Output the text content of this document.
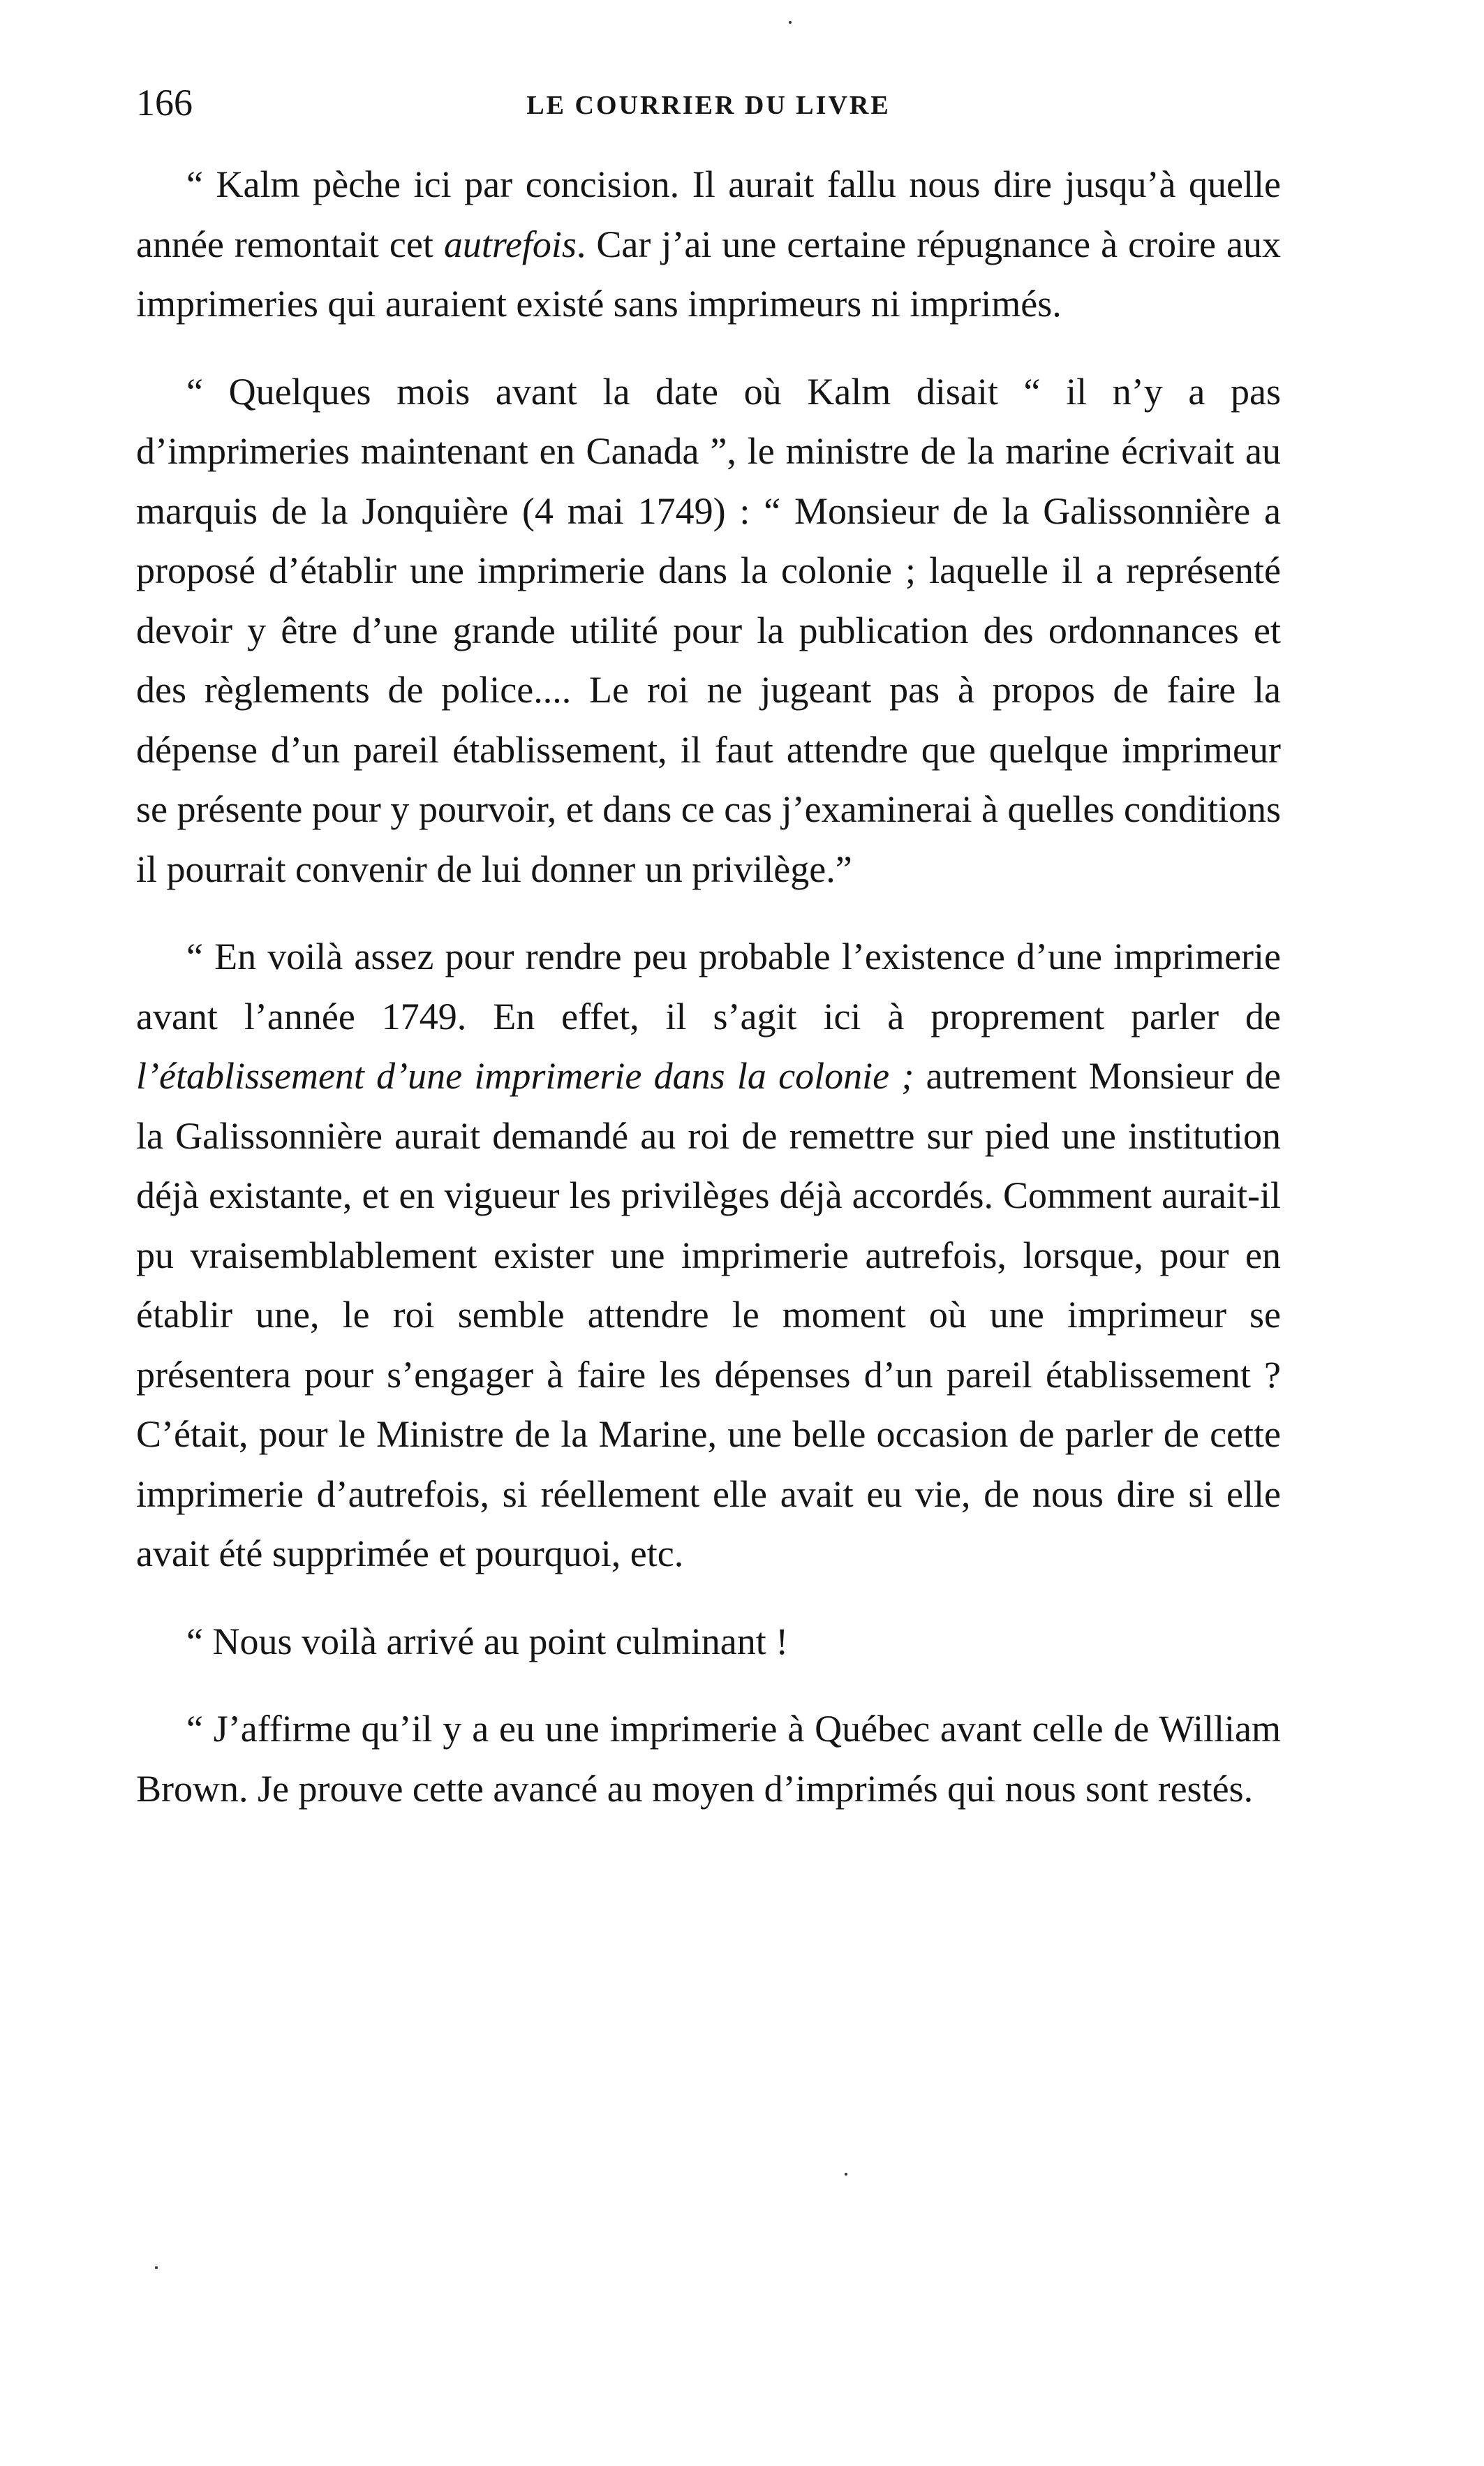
166	LE COURRIER DU LIVRE

“ Kalm pèche ici par concision. Il aurait fallu nous dire jusqu’à quelle année remontait cet autrefois. Car j’ai une certaine répugnance à croire aux imprimeries qui auraient existé sans imprimeurs ni imprimés.

“ Quelques mois avant la date où Kalm disait “ il n’y a pas d’imprimeries maintenant en Canada ”, le ministre de la marine écrivait au marquis de la Jonquière (4 mai 1749) : “ Monsieur de la Galissonnière a proposé d’établir une imprimerie dans la colonie ; laquelle il a représenté devoir y être d’une grande utilité pour la publication des ordonnances et des règlements de police.... Le roi ne jugeant pas à propos de faire la dépense d’un pareil établissement, il faut attendre que quelque imprimeur se présente pour y pourvoir, et dans ce cas j’examinerai à quelles conditions il pourrait convenir de lui donner un privilège.”

“ En voilà assez pour rendre peu probable l’existence d’une imprimerie avant l’année 1749. En effet, il s’agit ici à proprement parler de l’établissement d’une imprimerie dans la colonie ; autrement Monsieur de la Galissonnière aurait demandé au roi de remettre sur pied une institution déjà existante, et en vigueur les privilèges déjà accordés. Comment aurait-il pu vraisemblablement exister une imprimerie autrefois, lorsque, pour en établir une, le roi semble attendre le moment où une imprimeur se présentera pour s’engager à faire les dépenses d’un pareil établissement ? C’était, pour le Ministre de la Marine, une belle occasion de parler de cette imprimerie d’autrefois, si réellement elle avait eu vie, de nous dire si elle avait été supprimée et pourquoi, etc.

“ Nous voilà arrivé au point culminant !

“ J’affirme qu’il y a eu une imprimerie à Québec avant celle de William Brown. Je prouve cette avancé au moyen d’imprimés qui nous sont restés.
